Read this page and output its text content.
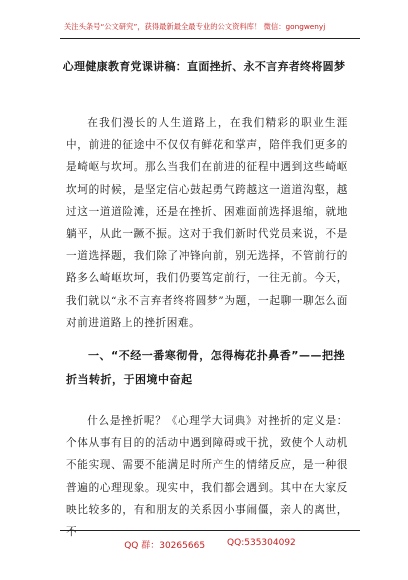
关注头条号“公文研究”，获得最新最全最专业的公文资料库！ 微信：gongwenyj
心理健康教育党课讲稿：直面挫折、永不言弃者终将圆梦
在我们漫长的人生道路上，在我们精彩的职业生涯中，前进的征途中不仅仅有鲜花和掌声，陪伴我们更多的是崎岖与坎坷。那么当我们在前进的征程中遇到这些崎岖坎坷的时候，是坚定信心鼓起勇气跨越这一道道沟壑，越过这一道道险滩，还是在挫折、困难面前选择退缩，就地躺平，从此一蹶不振。这对于我们新时代党员来说，不是一道选择题，我们除了冲锋向前，别无选择，不管前行的路多么崎岖坎坷，我们仍要笃定前行，一往无前。今天，我们就以“永不言弃者终将圆梦”为题，一起聊一聊怎么面对前进道路上的挫折困难。
一、“不经一番寒彻骨，怎得梅花扑鼻香”——把挫折当转折，于困境中奋起
什么是挫折呢？《心理学大词典》对挫折的定义是：个体从事有目的的活动中遇到障碍或干扰，致使个人动机不能实现、需要不能满足时所产生的情绪反应，是一种很普遍的心理现象。现实中，我们都会遇到。其中在大家反映比较多的，有和朋友的关系因小事闹僵，亲人的离世，不
QQ 群：30265665 QQ:535304092
